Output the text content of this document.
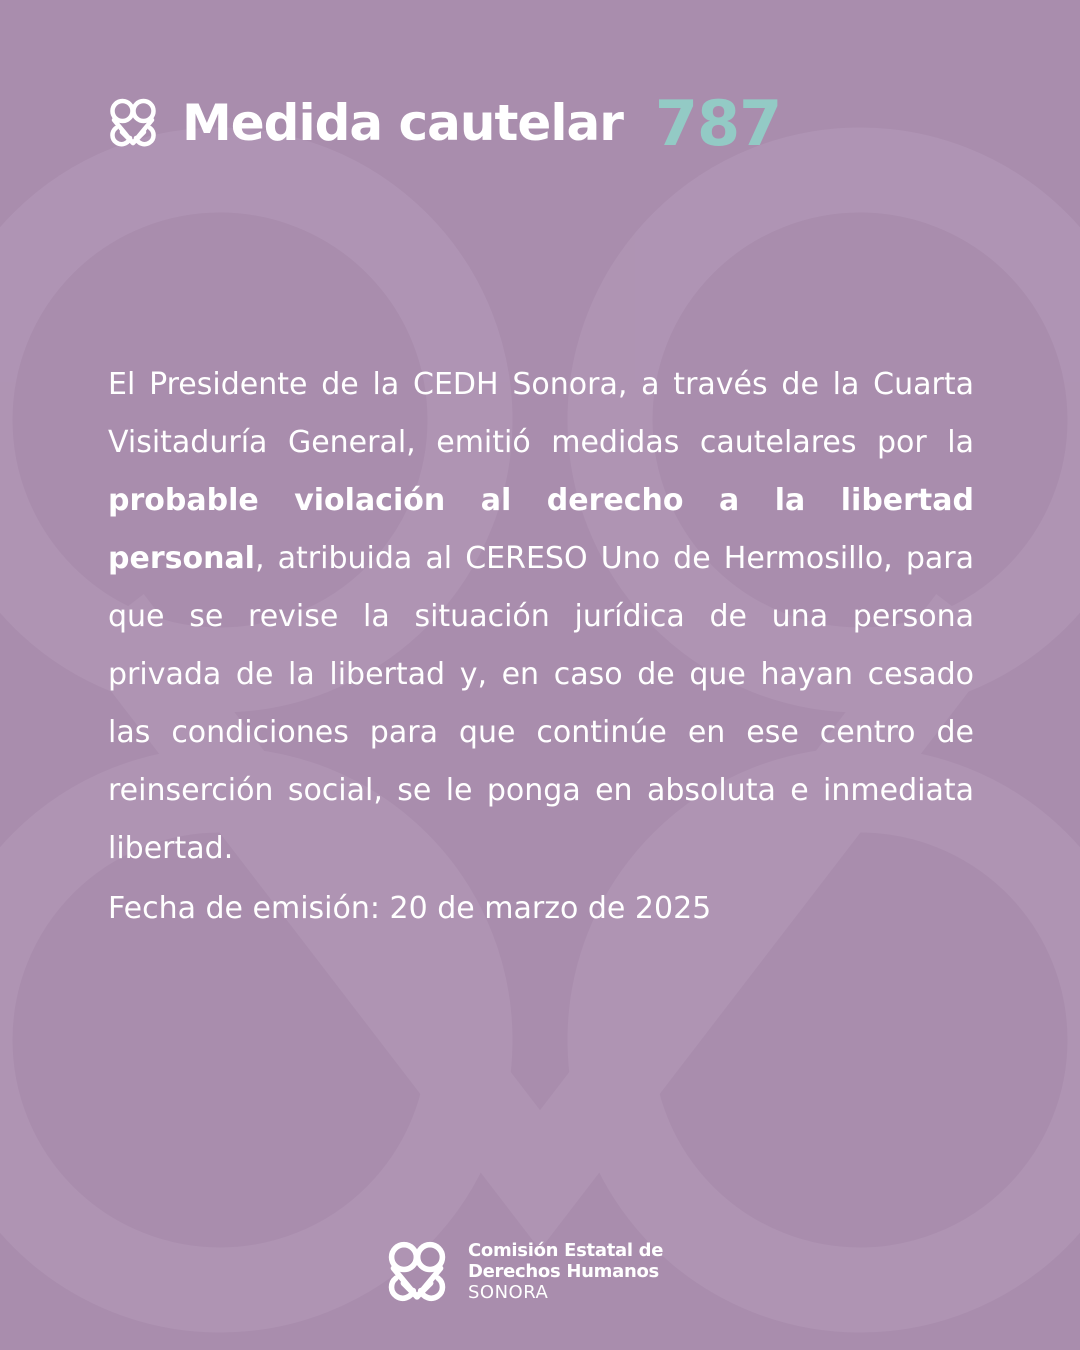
Medida cautelar 787
El Presidente de la CEDH Sonora, a través de la Cuarta Visitaduría General, emitió medidas cautelares por la probable violación al derecho a la libertad personal, atribuida al CERESO Uno de Hermosillo, para que se revise la situación jurídica de una persona privada de la libertad y, en caso de que hayan cesado las condiciones para que continúe en ese centro de reinserción social, se le ponga en absoluta e inmediata libertad.
Fecha de emisión: 20 de marzo de 2025
Comisión Estatal de
Derechos Humanos
SONORA
